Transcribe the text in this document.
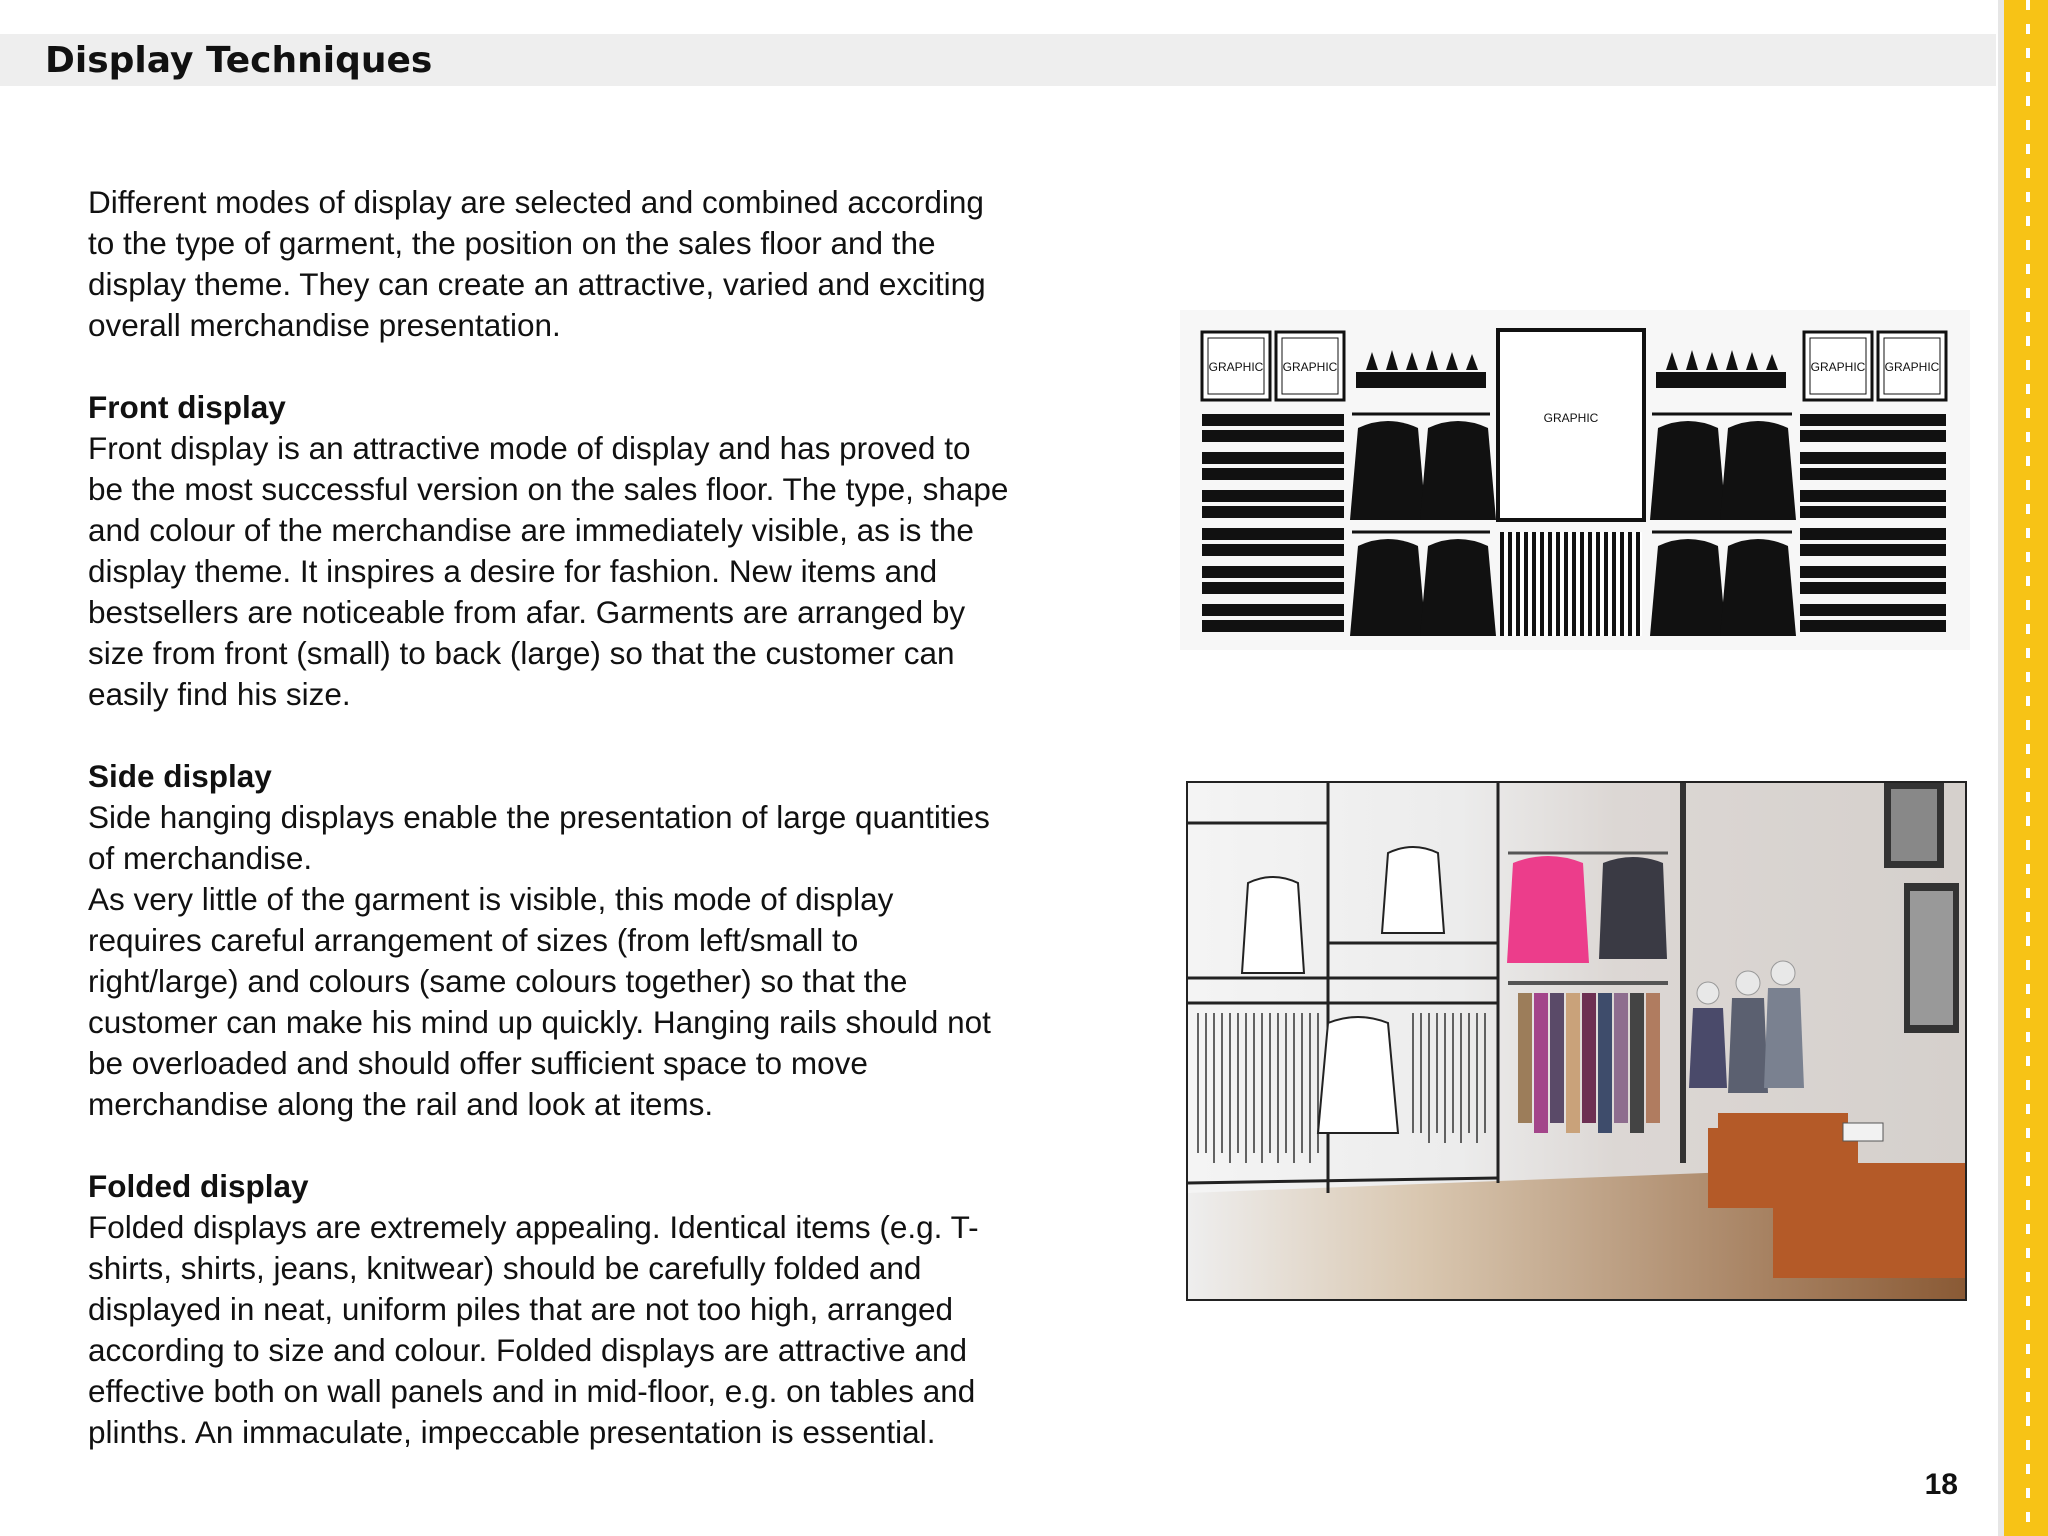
Display Techniques

Different modes of display are selected and combined according
to the type of garment, the position on the sales floor and the
display theme. They can create an attractive, varied and exciting
overall merchandise presentation.

Front display
Front display is an attractive mode of display and has proved to
be the most successful version on the sales floor. The type, shape
and colour of the merchandise are immediately visible, as is the
display theme. It inspires a desire for fashion. New items and
bestsellers are noticeable from afar. Garments are arranged by
size from front (small) to back (large) so that the customer can
easily find his size.

Side display
Side hanging displays enable the presentation of large quantities
of merchandise.
As very little of the garment is visible, this mode of display
requires careful arrangement of sizes (from left/small to
right/large) and colours (same colours together) so that the
customer can make his mind up quickly. Hanging rails should not
be overloaded and should offer sufficient space to move
merchandise along the rail and look at items.

Folded display
Folded displays are extremely appealing. Identical items (e.g. T-
shirts, shirts, jeans, knitwear) should be carefully folded and
displayed in neat, uniform piles that are not too high, arranged
according to size and colour. Folded displays are attractive and
effective both on wall panels and in mid-floor, e.g. on tables and
plinths. An immaculate, impeccable presentation is essential.

GRAPHIC GRAPHIC	GRAPHIC GRAPHIC
GRAPHIC
18
